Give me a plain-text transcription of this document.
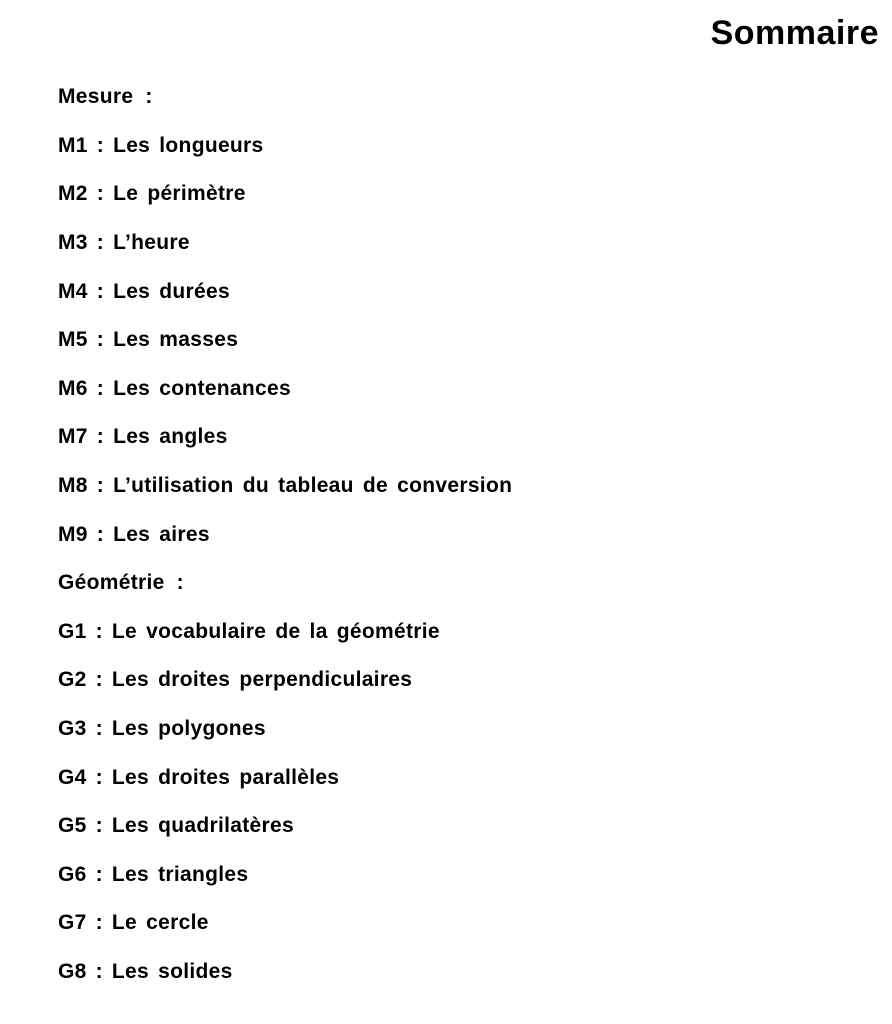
Sommaire
Mesure :
M1 : Les longueurs
M2 : Le périmètre
M3 : L’heure
M4 : Les durées
M5 : Les masses
M6 : Les contenances
M7 : Les angles
M8 : L’utilisation du tableau de conversion
M9 : Les aires
Géométrie :
G1 : Le vocabulaire de la géométrie
G2 : Les droites perpendiculaires
G3 : Les polygones
G4 : Les droites parallèles
G5 : Les quadrilatères
G6 : Les triangles
G7 : Le cercle
G8 : Les solides
